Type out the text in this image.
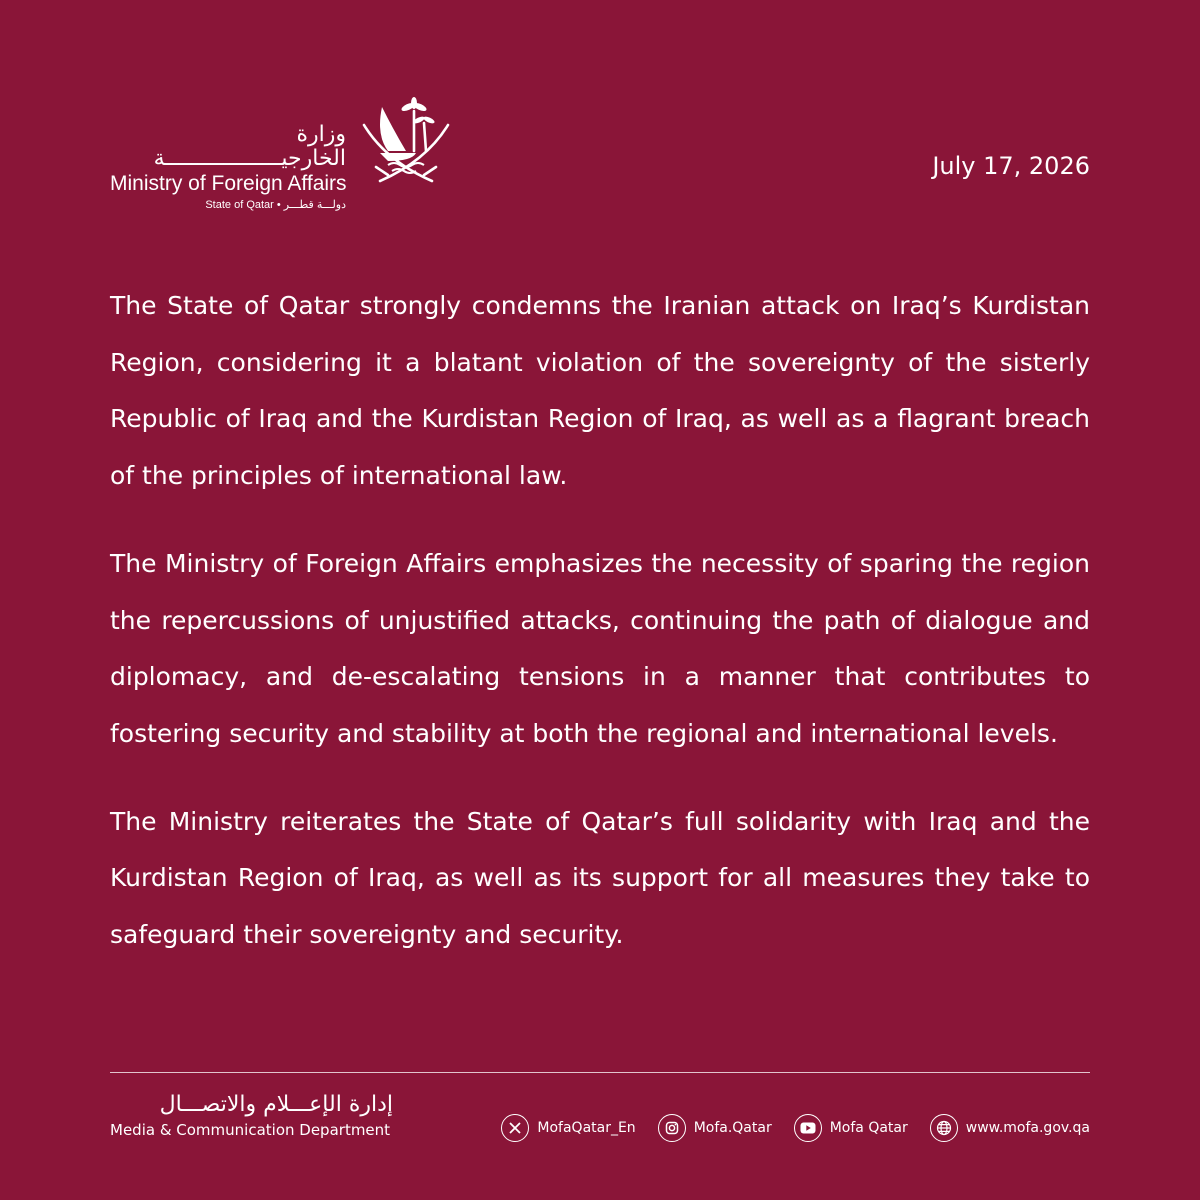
وزارة الخارجيــــــــــــــــــة
Ministry of Foreign Affairs
State of Qatar • دولـــة قطـــر
July 17, 2026

The State of Qatar strongly condemns the Iranian attack on Iraq’s Kurdistan Region, considering it a blatant violation of the sovereignty of the sisterly Republic of Iraq and the Kurdistan Region of Iraq, as well as a flagrant breach of the principles of international law.

The Ministry of Foreign Affairs emphasizes the necessity of sparing the region the repercussions of unjustified attacks, continuing the path of dialogue and diplomacy, and de-escalating tensions in a manner that contributes to fostering security and stability at both the regional and international levels.

The Ministry reiterates the State of Qatar’s full solidarity with Iraq and the Kurdistan Region of Iraq, as well as its support for all measures they take to safeguard their sovereignty and security.

إدارة الإعـــلام والاتصـــال
Media & Communication Department	MofaQatar_En	Mofa.Qatar	Mofa Qatar	www.mofa.gov.qa
